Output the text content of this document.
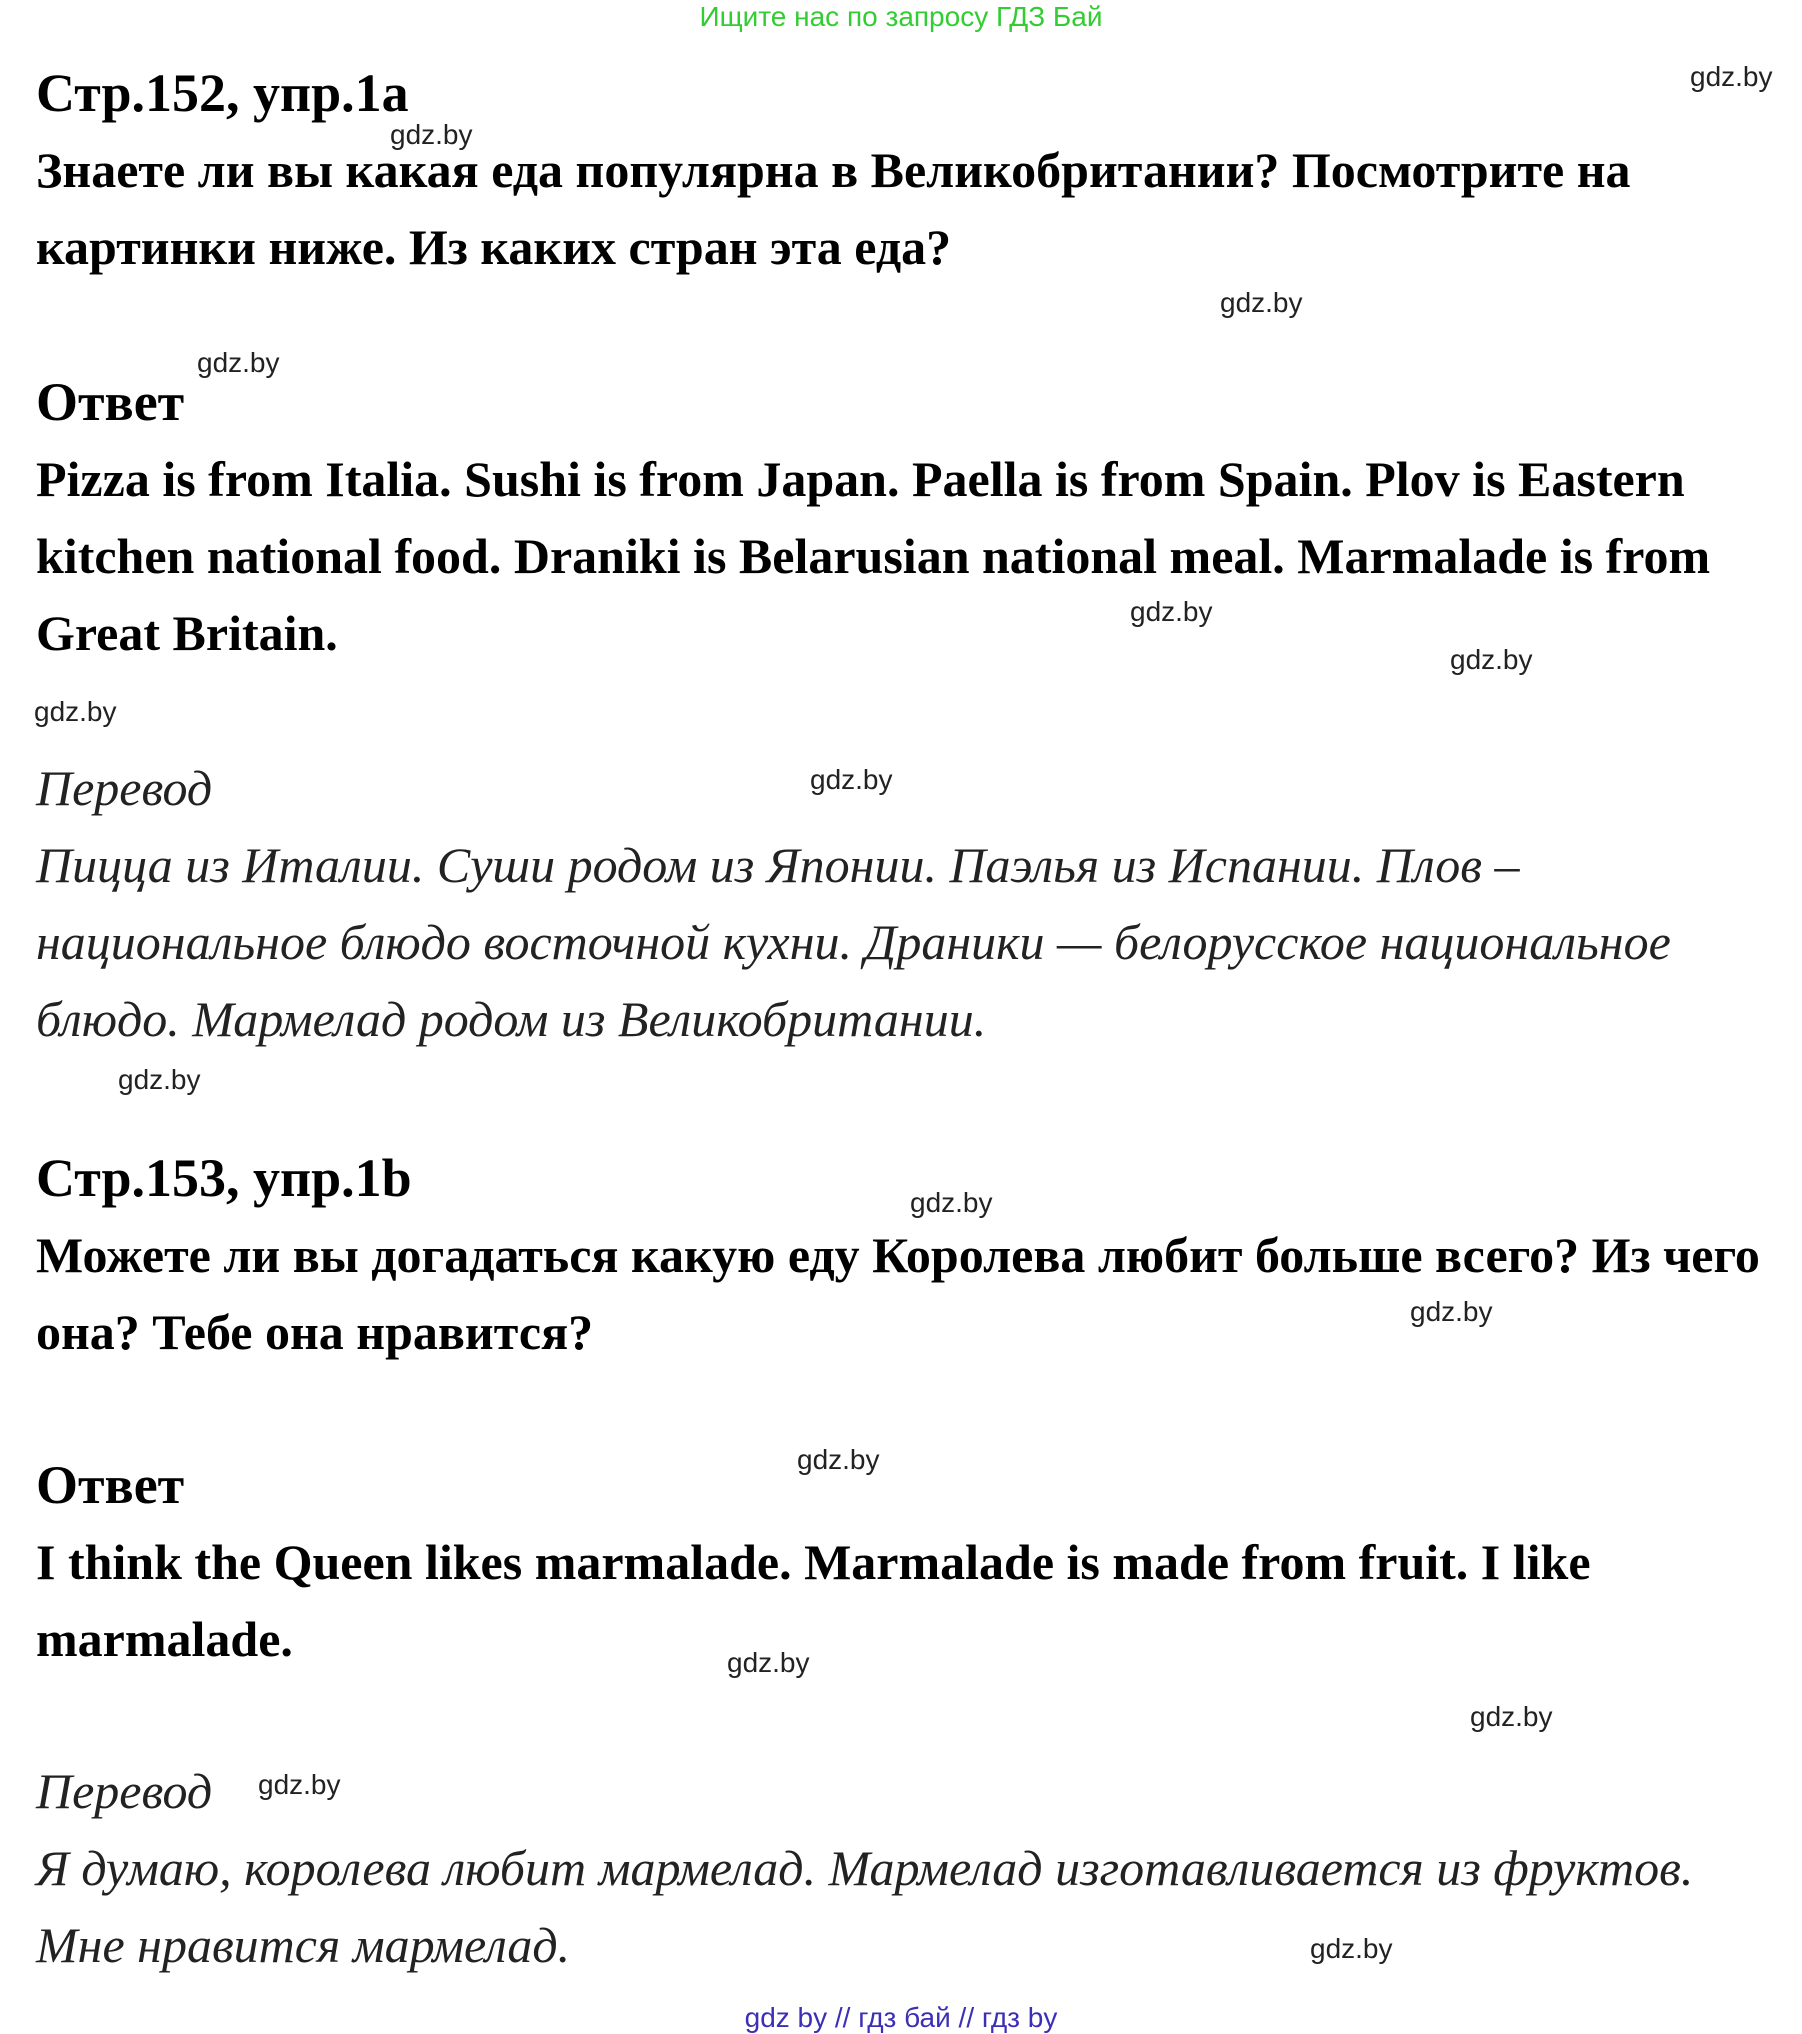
Ищите нас по запросу ГДЗ Бай

Стр.152, упр.1а

Знаете ли вы какая еда популярна в Великобритании? Посмотрите на картинки ниже. Из каких стран эта еда?

Ответ

Pizza is from Italia. Sushi is from Japan. Paella is from Spain. Plov is Eastern kitchen national food. Draniki is Belarusian national meal. Marmalade is from Great Britain.

Перевод

Пицца из Италии. Суши родом из Японии. Паэлья из Испании. Плов – национальное блюдо восточной кухни. Драники — белорусское национальное блюдо. Мармелад родом из Великобритании.

Стр.153, упр.1b

Можете ли вы догадаться какую еду Королева любит больше всего? Из чего она? Тебе она нравится?

Ответ

I think the Queen likes marmalade. Marmalade is made from fruit. I like marmalade.

Перевод

Я думаю, королева любит мармелад. Мармелад изготавливается из фруктов. Мне нравится мармелад.

gdz.by
gdz.by
gdz.by
gdz.by
gdz.by
gdz.by
gdz.by
gdz.by
gdz.by
gdz.by
gdz.by
gdz.by
gdz.by
gdz.by
gdz.by
gdz.by
gdz by // гдз бай // гдз by
